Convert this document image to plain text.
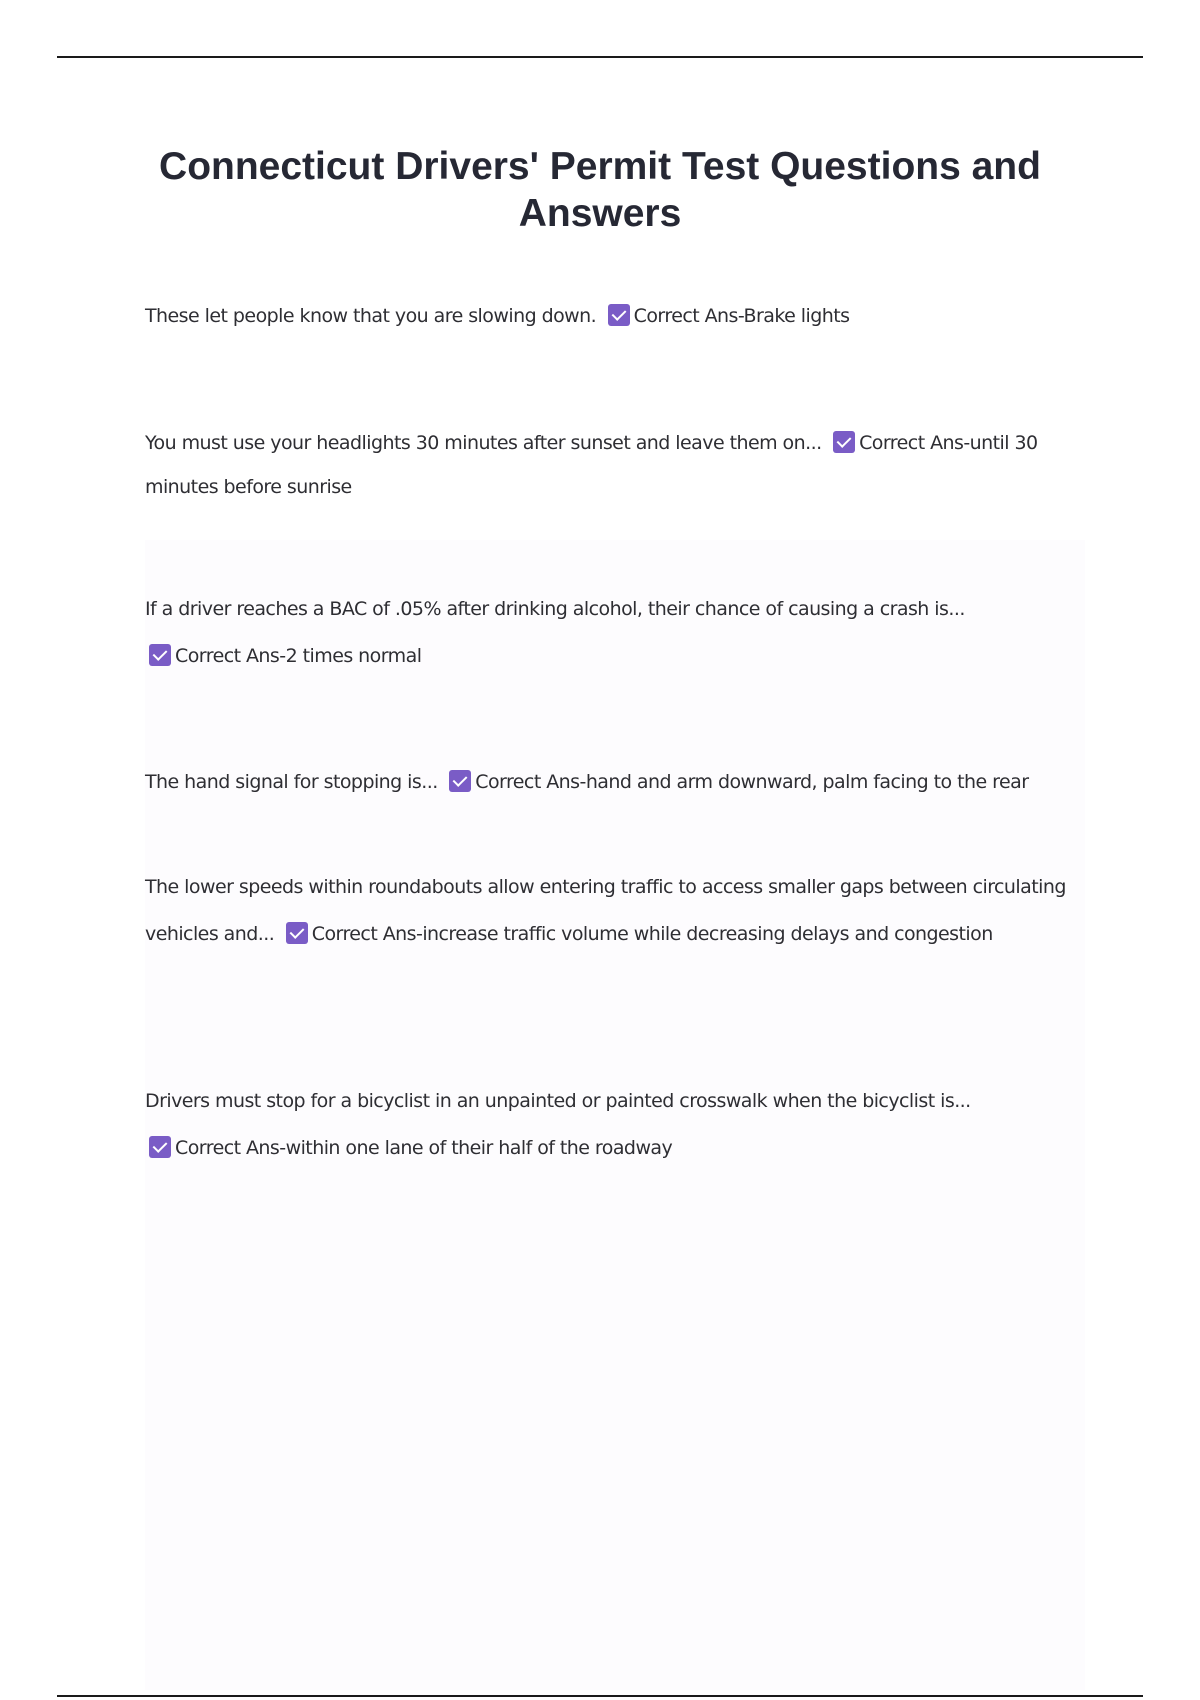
Connecticut Drivers' Permit Test Questions and Answers

These let people know that you are slowing down. Correct Ans-Brake lights

You must use your headlights 30 minutes after sunset and leave them on... Correct Ans-until 30 minutes before sunrise

If a driver reaches a BAC of .05% after drinking alcohol, their chance of causing a crash is...
Correct Ans-2 times normal

The hand signal for stopping is... Correct Ans-hand and arm downward, palm facing to the rear

The lower speeds within roundabouts allow entering traffic to access smaller gaps between circulating vehicles and... Correct Ans-increase traffic volume while decreasing delays and congestion

Drivers must stop for a bicyclist in an unpainted or painted crosswalk when the bicyclist is...
Correct Ans-within one lane of their half of the roadway
